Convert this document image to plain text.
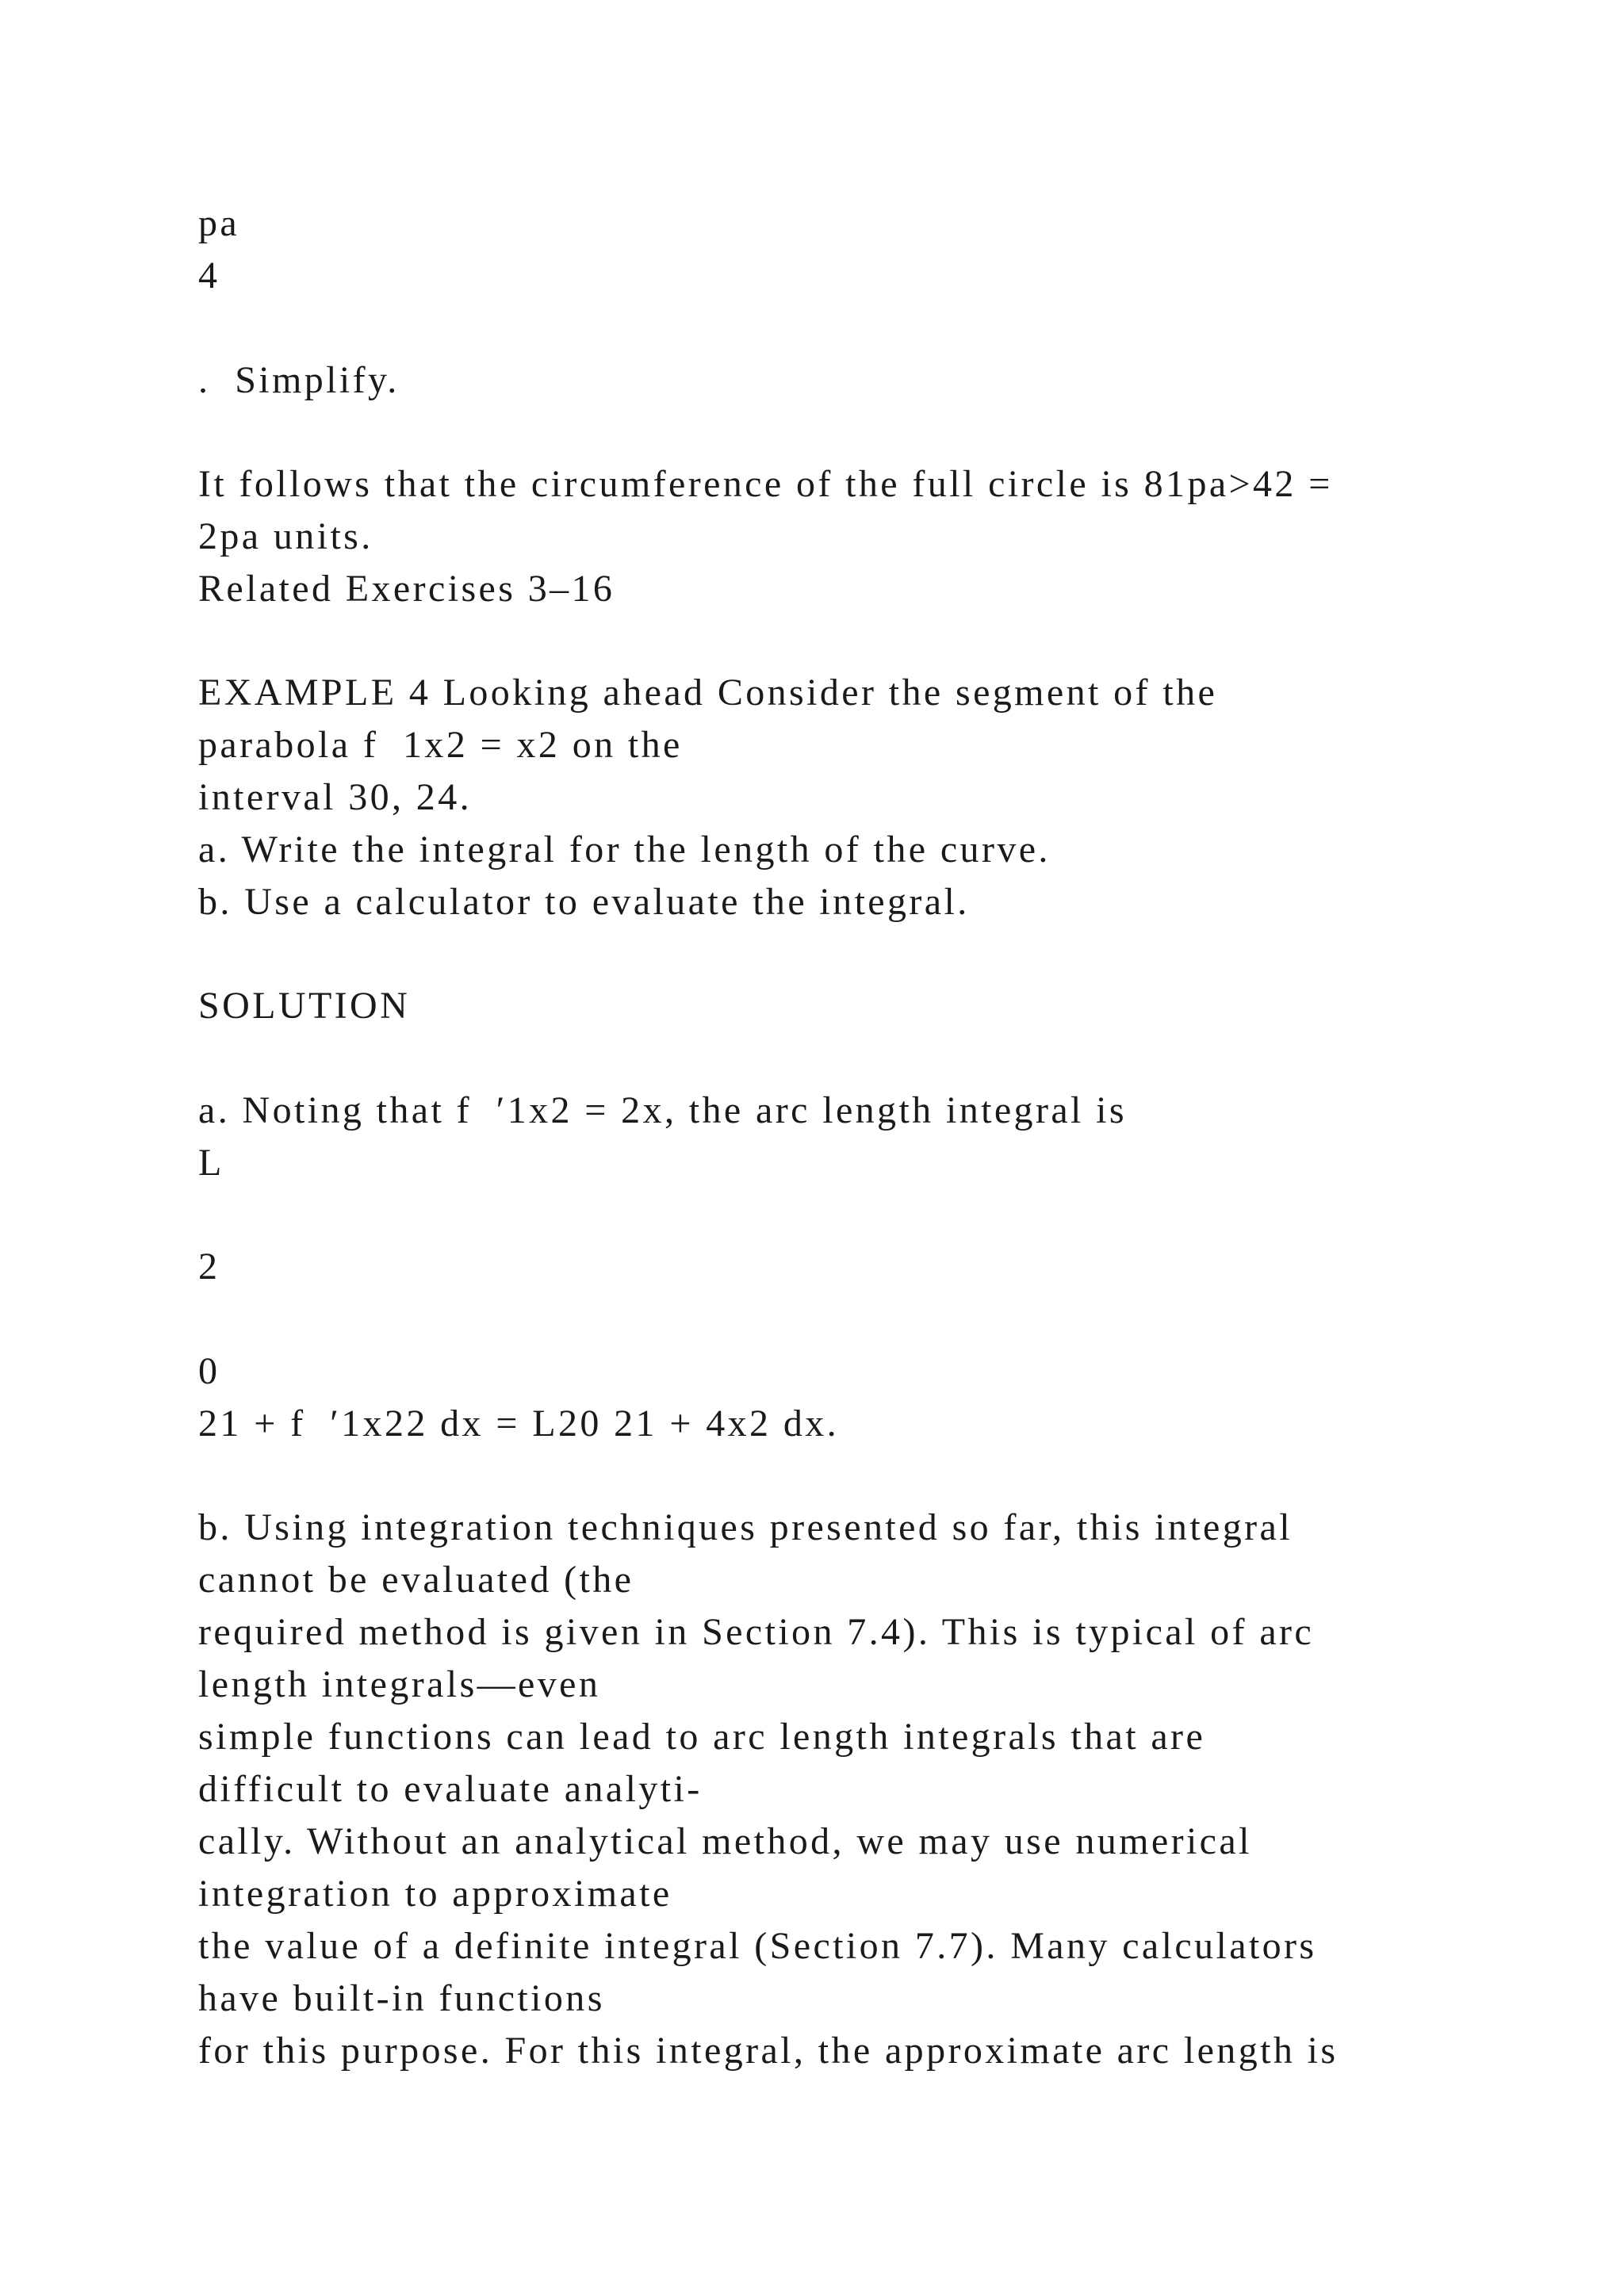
pa
4
.  Simplify.
It follows that the circumference of the full circle is 81pa>42 =
2pa units.
Related Exercises 3–16
EXAMPLE 4 Looking ahead Consider the segment of the
parabola f  1x2 = x2 on the
interval 30, 24.
a. Write the integral for the length of the curve.
b. Use a calculator to evaluate the integral.
SOLUTION
a. Noting that f  ′1x2 = 2x, the arc length integral is
L
2
0
21 + f  ′1x22 dx = L20 21 + 4x2 dx.
b. Using integration techniques presented so far, this integral
cannot be evaluated (the
required method is given in Section 7.4). This is typical of arc
length integrals—even
simple functions can lead to arc length integrals that are
difficult to evaluate analyti-
cally. Without an analytical method, we may use numerical
integration to approximate
the value of a definite integral (Section 7.7). Many calculators
have built-in functions
for this purpose. For this integral, the approximate arc length is
